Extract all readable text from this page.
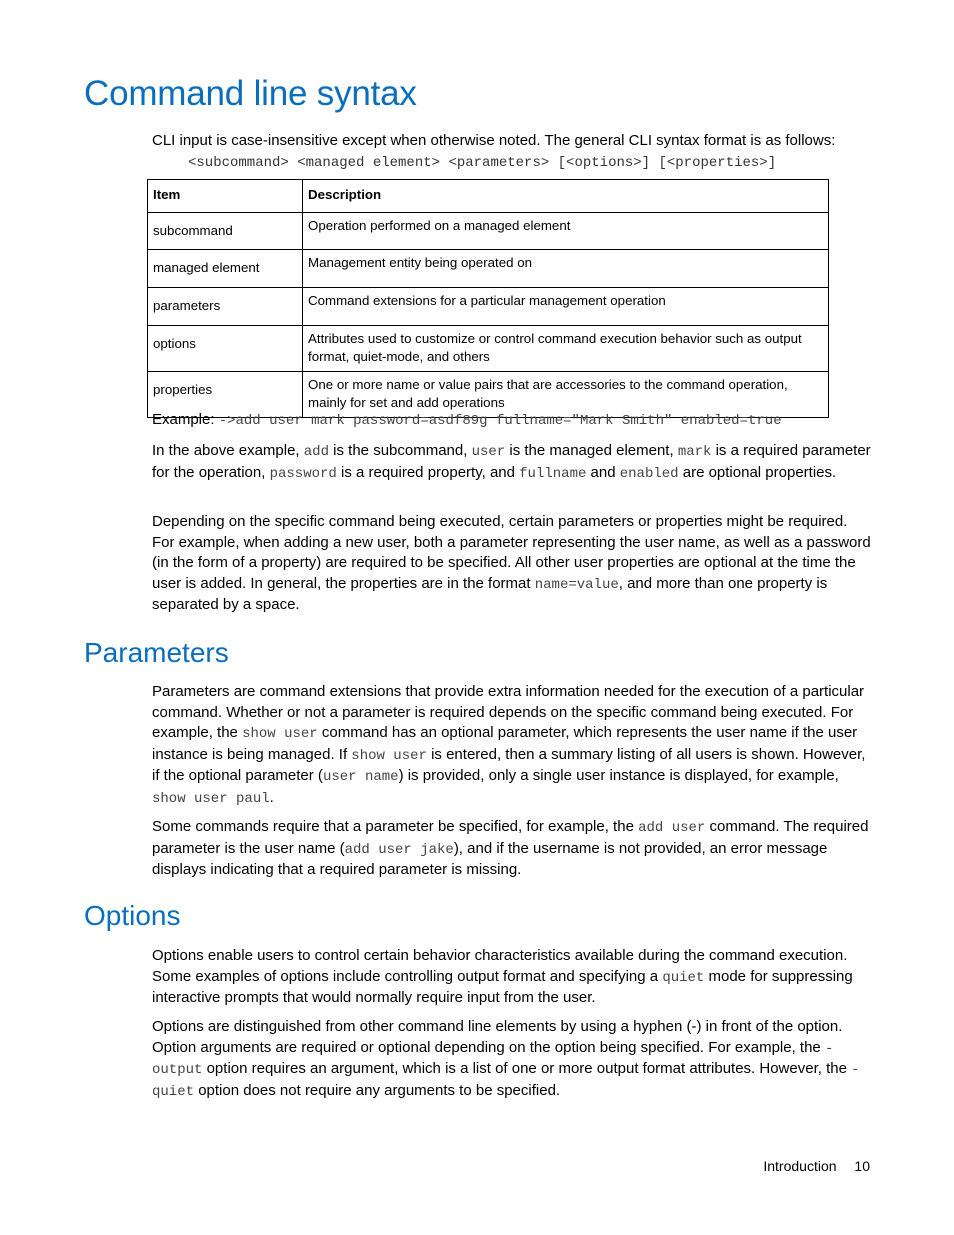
Command line syntax

CLI input is case-insensitive except when otherwise noted. The general CLI syntax format is as follows:

<subcommand> <managed element> <parameters> [<options>] [<properties>]
Item	Description
subcommand	Operation performed on a managed element
managed element	Management entity being operated on
parameters	Command extensions for a particular management operation
options	Attributes used to customize or control command execution behavior such as output format, quiet-mode, and others
properties	One or more name or value pairs that are accessories to the command operation, mainly for set and add operations

Example: ->add user mark password=asdf89g fullname="Mark Smith" enabled=true

In the above example, add is the subcommand, user is the managed element, mark is a required parameter for the operation, password is a required property, and fullname and enabled are optional properties.

Depending on the specific command being executed, certain parameters or properties might be required. For example, when adding a new user, both a parameter representing the user name, as well as a password (in the form of a property) are required to be specified. All other user properties are optional at the time the user is added. In general, the properties are in the format name=value, and more than one property is separated by a space.

Parameters

Parameters are command extensions that provide extra information needed for the execution of a particular command. Whether or not a parameter is required depends on the specific command being executed. For example, the show user command has an optional parameter, which represents the user name if the user instance is being managed. If show user is entered, then a summary listing of all users is shown. However, if the optional parameter (user name) is provided, only a single user instance is displayed, for example, show user paul.

Some commands require that a parameter be specified, for example, the add user command. The required parameter is the user name (add user jake), and if the username is not provided, an error message displays indicating that a required parameter is missing.

Options

Options enable users to control certain behavior characteristics available during the command execution. Some examples of options include controlling output format and specifying a quiet mode for suppressing interactive prompts that would normally require input from the user.

Options are distinguished from other command line elements by using a hyphen (-) in front of the option. Option arguments are required or optional depending on the option being specified. For example, the -output option requires an argument, which is a list of one or more output format attributes. However, the -quiet option does not require any arguments to be specified.

Introduction 10
